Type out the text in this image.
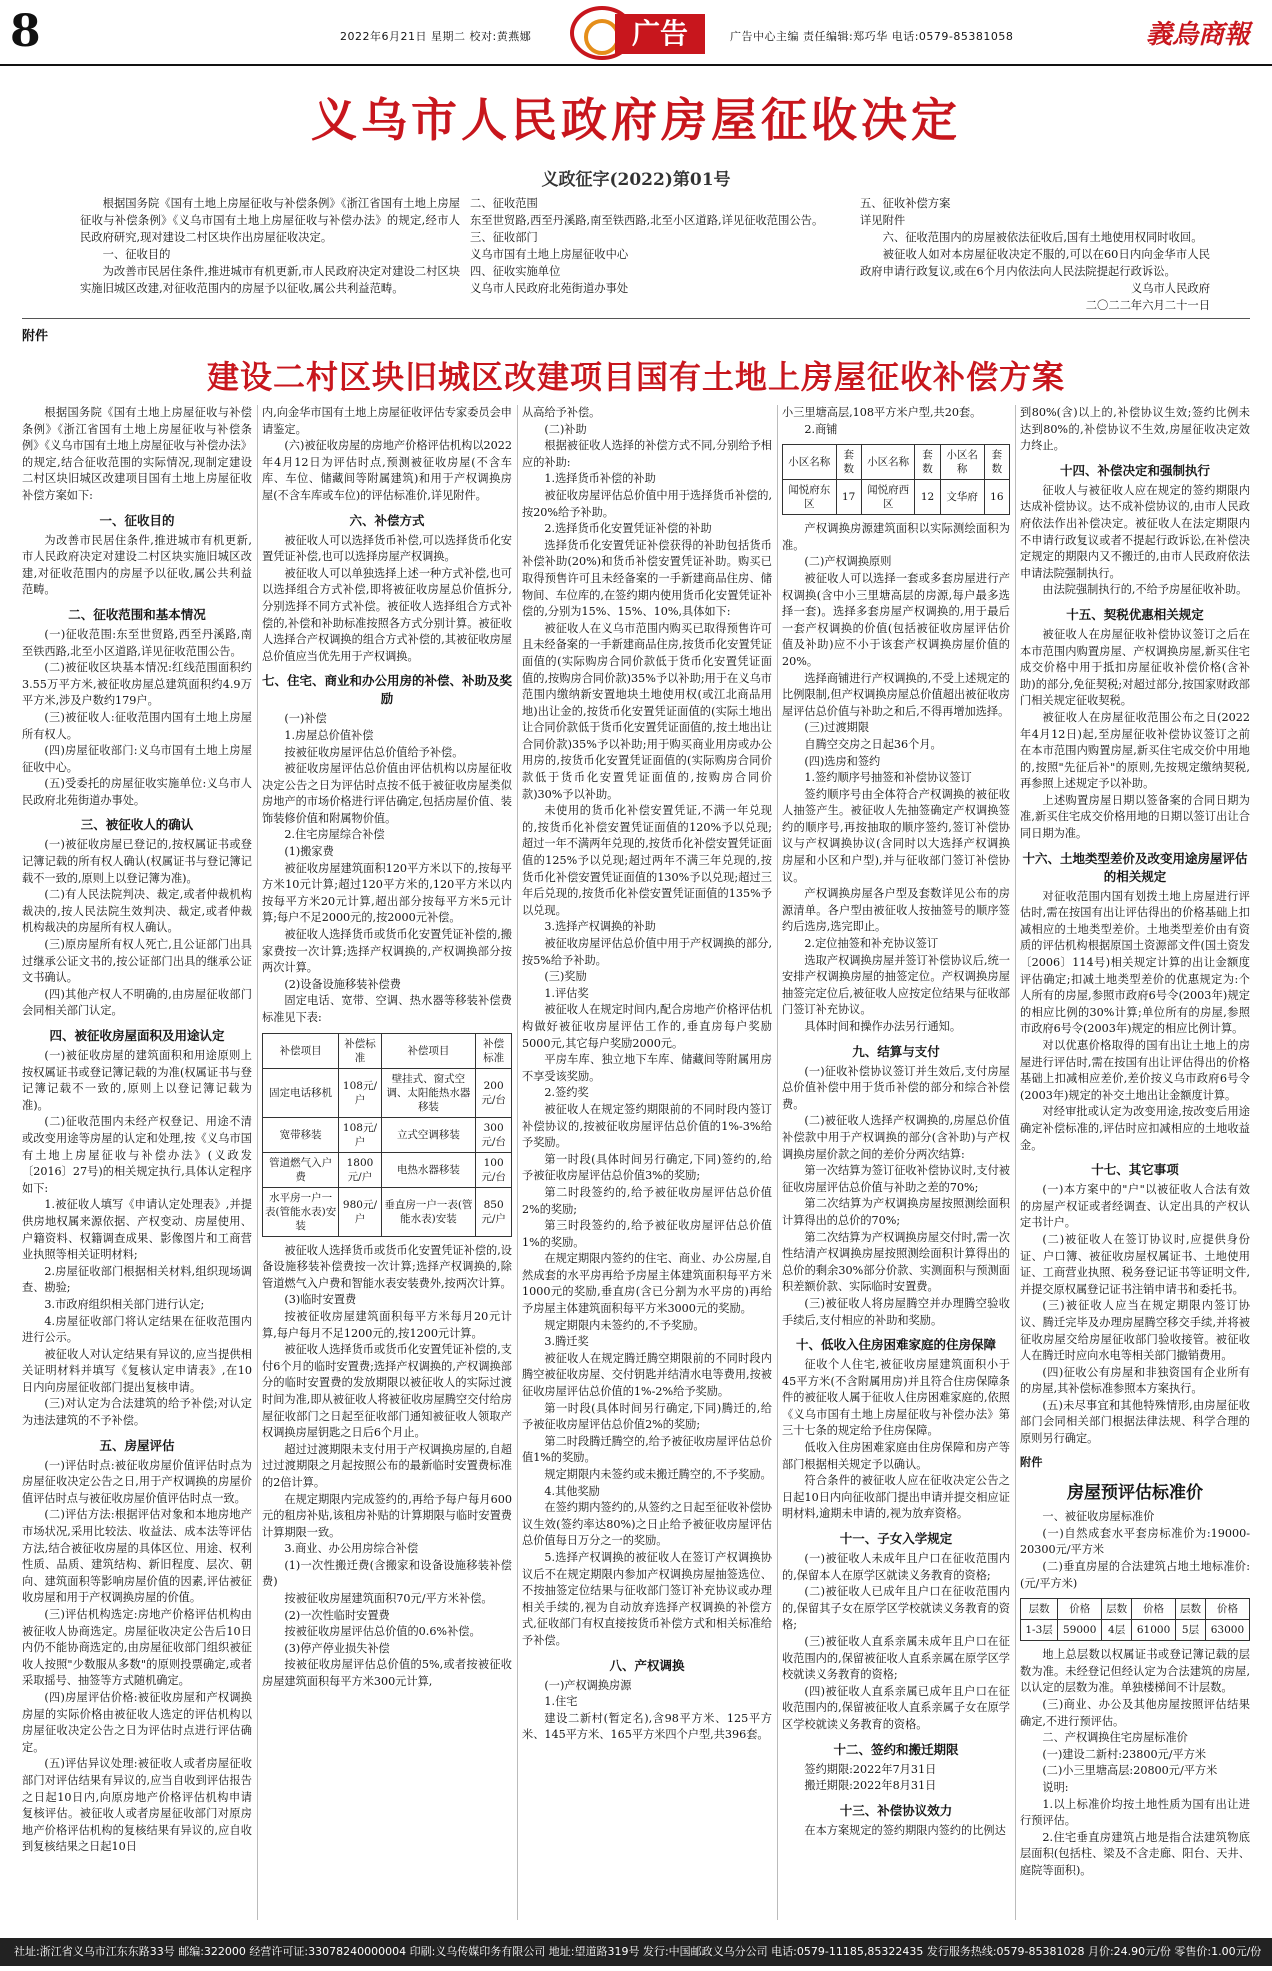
8	2022年6月21日 星期二 校对:黄燕娜	广告	广告中心主编 责任编辑:郑巧华 电话:0579-85381058	義烏商報
义乌市人民政府房屋征收决定
义政征字(2022)第01号

根据国务院《国有土地上房屋征收与补偿条例》《浙江省国有土地上房屋征收与补偿条例》《义乌市国有土地上房屋征收与补偿办法》的规定,经市人民政府研究,现对建设二村区块作出房屋征收决定。

一、征收目的

为改善市民居住条件,推进城市有机更新,市人民政府决定对建设二村区块实施旧城区改建,对征收范围内的房屋予以征收,属公共利益范畴。

二、征收范围

东至世贸路,西至丹溪路,南至铁西路,北至小区道路,详见征收范围公告。

三、征收部门

义乌市国有土地上房屋征收中心

四、征收实施单位

义乌市人民政府北苑街道办事处

五、征收补偿方案

详见附件

六、征收范围内的房屋被依法征收后,国有土地使用权同时收回。

被征收人如对本房屋征收决定不服的,可以在60日内向金华市人民政府申请行政复议,或在6个月内依法向人民法院提起行政诉讼。

义乌市人民政府

二〇二二年六月二十一日

附件
建设二村区块旧城区改建项目国有土地上房屋征收补偿方案

根据国务院《国有土地上房屋征收与补偿条例》《浙江省国有土地上房屋征收与补偿条例》《义乌市国有土地上房屋征收与补偿办法》的规定,结合征收范围的实际情况,现制定建设二村区块旧城区改建项目国有土地上房屋征收补偿方案如下:

一、征收目的

为改善市民居住条件,推进城市有机更新,市人民政府决定对建设二村区块实施旧城区改建,对征收范围内的房屋予以征收,属公共利益范畴。

二、征收范围和基本情况

(一)征收范围:东至世贸路,西至丹溪路,南至铁西路,北至小区道路,详见征收范围公告。

(二)被征收区块基本情况:红线范围面积约3.55万平方米,被征收房屋总建筑面积约4.9万平方米,涉及户数约179户。

(三)被征收人:征收范围内国有土地上房屋所有权人。

(四)房屋征收部门:义乌市国有土地上房屋征收中心。

(五)受委托的房屋征收实施单位:义乌市人民政府北苑街道办事处。

三、被征收人的确认

(一)被征收房屋已登记的,按权属证书或登记簿记载的所有权人确认(权属证书与登记簿记载不一致的,原则上以登记簿为准)。

(二)有人民法院判决、裁定,或者仲裁机构裁决的,按人民法院生效判决、裁定,或者仲裁机构裁决的房屋所有权人确认。

(三)原房屋所有权人死亡,且公证部门出具过继承公证文书的,按公证部门出具的继承公证文书确认。

(四)其他产权人不明确的,由房屋征收部门会同相关部门认定。

四、被征收房屋面积及用途认定

(一)被征收房屋的建筑面积和用途原则上按权属证书或登记簿记载的为准(权属证书与登记簿记载不一致的,原则上以登记簿记载为准)。

(二)征收范围内未经产权登记、用途不清或改变用途等房屋的认定和处理,按《义乌市国有土地上房屋征收与补偿办法》(义政发〔2016〕27号)的相关规定执行,具体认定程序如下:

1.被征收人填写《申请认定处理表》,并提供房地权属来源依据、产权变动、房屋使用、户籍资料、权籍调查成果、影像图片和工商营业执照等相关证明材料;

2.房屋征收部门根据相关材料,组织现场调查、勘验;

3.市政府组织相关部门进行认定;

4.房屋征收部门将认定结果在征收范围内进行公示。

被征收人对认定结果有异议的,应当提供相关证明材料并填写《复核认定申请表》,在10日内向房屋征收部门提出复核申请。

(三)对认定为合法建筑的给予补偿;对认定为违法建筑的不予补偿。

五、房屋评估

(一)评估时点:被征收房屋价值评估时点为房屋征收决定公告之日,用于产权调换的房屋价值评估时点与被征收房屋价值评估时点一致。

(二)评估方法:根据评估对象和本地房地产市场状况,采用比较法、收益法、成本法等评估方法,结合被征收房屋的具体区位、用途、权利性质、品质、建筑结构、新旧程度、层次、朝向、建筑面积等影响房屋价值的因素,评估被征收房屋和用于产权调换房屋的价值。

(三)评估机构选定:房地产价格评估机构由被征收人协商选定。房屋征收决定公告后10日内仍不能协商选定的,由房屋征收部门组织被征收人按照"少数服从多数"的原则投票确定,或者采取摇号、抽签等方式随机确定。

(四)房屋评估价格:被征收房屋和产权调换房屋的实际价格由被征收人选定的评估机构以房屋征收决定公告之日为评估时点进行评估确定。

(五)评估异议处理:被征收人或者房屋征收部门对评估结果有异议的,应当自收到评估报告之日起10日内,向原房地产价格评估机构申请复核评估。被征收人或者房屋征收部门对原房地产价格评估机构的复核结果有异议的,应自收到复核结果之日起10日

内,向金华市国有土地上房屋征收评估专家委员会申请鉴定。

(六)被征收房屋的房地产价格评估机构以2022年4月12日为评估时点,预测被征收房屋(不含车库、车位、储藏间等附属建筑)和用于产权调换房屋(不含车库或车位)的评估标准价,详见附件。

六、补偿方式

被征收人可以选择货币补偿,可以选择货币化安置凭证补偿,也可以选择房屋产权调换。

被征收人可以单独选择上述一种方式补偿,也可以选择组合方式补偿,即将被征收房屋总价值拆分,分别选择不同方式补偿。被征收人选择组合方式补偿的,补偿和补助标准按照各方式分别计算。被征收人选择合产权调换的组合方式补偿的,其被征收房屋总价值应当优先用于产权调换。

七、住宅、商业和办公用房的补偿、补助及奖励

(一)补偿

1.房屋总价值补偿

按被征收房屋评估总价值给予补偿。

被征收房屋评估总价值由评估机构以房屋征收决定公告之日为评估时点按不低于被征收房屋类似房地产的市场价格进行评估确定,包括房屋价值、装饰装修价值和附属物价值。

2.住宅房屋综合补偿

(1)搬家费

被征收房屋建筑面积120平方米以下的,按每平方米10元计算;超过120平方米的,120平方米以内按每平方米20元计算,超出部分按每平方米5元计算;每户不足2000元的,按2000元补偿。

被征收人选择货币或货币化安置凭证补偿的,搬家费按一次计算;选择产权调换的,产权调换部分按两次计算。

(2)设备设施移装补偿费

固定电话、宽带、空调、热水器等移装补偿费标准见下表:

补偿项目	补偿标准	补偿项目	补偿标准
固定电话移机	108元/户	壁挂式、窗式空调、太阳能热水器移装	200元/台
宽带移装	108元/户	立式空调移装	300元/台
管道燃气入户费	1800元/户	电热水器移装	100元/台
水平房一户一表(管能水表)安装	980元/户	垂直房一户一表(管能水表)安装	850元/户

被征收人选择货币或货币化安置凭证补偿的,设备设施移装补偿费按一次计算;选择产权调换的,除管道燃气入户费和智能水表安装费外,按两次计算。

(3)临时安置费

按被征收房屋建筑面积每平方米每月20元计算,每户每月不足1200元的,按1200元计算。

被征收人选择货币或货币化安置凭证补偿的,支付6个月的临时安置费;选择产权调换的,产权调换部分的临时安置费的发放期限以被征收人的实际过渡时间为准,即从被征收人将被征收房屋腾空交付给房屋征收部门之日起至征收部门通知被征收人领取产权调换房屋钥匙之日后6个月止。

超过过渡期限未支付用于产权调换房屋的,自超过过渡期限之月起按照公布的最新临时安置费标准的2倍计算。

在规定期限内完成签约的,再给予每户每月600元的租房补贴,该租房补贴的计算期限与临时安置费计算期限一致。

3.商业、办公用房综合补偿

(1)一次性搬迁费(含搬家和设备设施移装补偿费)

按被征收房屋建筑面积70元/平方米补偿。

(2)一次性临时安置费

按被征收房屋评估总价值的0.6%补偿。

(3)停产停业损失补偿

按被征收房屋评估总价值的5%,或者按被征收房屋建筑面积每平方米300元计算,

从高给予补偿。

(二)补助

根据被征收人选择的补偿方式不同,分别给予相应的补助:

1.选择货币补偿的补助

被征收房屋评估总价值中用于选择货币补偿的,按20%给予补助。

2.选择货币化安置凭证补偿的补助

选择货币化安置凭证补偿获得的补助包括货币补偿补助(20%)和货币补偿安置凭证补助。购买已取得预售许可且未经备案的一手新建商品住房、储物间、车位库的,在签约期内使用货币化安置凭证补偿的,分别为15%、15%、10%,具体如下:

被征收人在义乌市范围内购买已取得预售许可且未经备案的一手新建商品住房,按货币化安置凭证面值的(实际购房合同价款低于货币化安置凭证面值的,按购房合同价款)35%予以补助;用于在义乌市范围内缴纳新安置地块土地使用权(或江北商品用地)出让金的,按货币化安置凭证面值的(实际土地出让合同价款低于货币化安置凭证面值的,按土地出让合同价款)35%予以补助;用于购买商业用房或办公用房的,按货币化安置凭证面值的(实际购房合同价款低于货币化安置凭证面值的,按购房合同价款)30%予以补助。

未使用的货币化补偿安置凭证,不满一年兑现的,按货币化补偿安置凭证面值的120%予以兑现;超过一年不满两年兑现的,按货币化补偿安置凭证面值的125%予以兑现;超过两年不满三年兑现的,按货币化补偿安置凭证面值的130%予以兑现;超过三年后兑现的,按货币化补偿安置凭证面值的135%予以兑现。

3.选择产权调换的补助

被征收房屋评估总价值中用于产权调换的部分,按5%给予补助。

(三)奖励

1.评估奖

被征收人在规定时间内,配合房地产价格评估机构做好被征收房屋评估工作的,垂直房每户奖励5000元,其它每户奖励2000元。

平房车库、独立地下车库、储藏间等附属用房不享受该奖励。

2.签约奖

被征收人在规定签约期限前的不同时段内签订补偿协议的,按被征收房屋评估总价值的1%-3%给予奖励。

第一时段(具体时间另行确定,下同)签约的,给予被征收房屋评估总价值3%的奖励;

第二时段签约的,给予被征收房屋评估总价值2%的奖励;

第三时段签约的,给予被征收房屋评估总价值1%的奖励。

在规定期限内签约的住宅、商业、办公房屋,自然成套的水平房再给予房屋主体建筑面积每平方米1000元的奖励,垂直房(含已分割为水平房的)再给予房屋主体建筑面积每平方米3000元的奖励。

规定期限内未签约的,不予奖励。

3.腾迁奖

被征收人在规定腾迁腾空期限前的不同时段内腾空被征收房屋、交付钥匙并结清水电等费用,按被征收房屋评估总价值的1%-2%给予奖励。

第一时段(具体时间另行确定,下同)腾迁的,给予被征收房屋评估总价值2%的奖励;

第二时段腾迁腾空的,给予被征收房屋评估总价值1%的奖励。

规定期限内未签约或未搬迁腾空的,不予奖励。

4.其他奖励

在签约期内签约的,从签约之日起至征收补偿协议生效(签约率达80%)之日止给予被征收房屋评估总价值每日万分之一的奖励。

5.选择产权调换的被征收人在签订产权调换协议后不在规定期限内参加产权调换房屋抽签选位、不按抽签定位结果与征收部门签订补充协议或办理相关手续的,视为自动放弃选择产权调换的补偿方式,征收部门有权直接按货币补偿方式和相关标准给予补偿。

八、产权调换

(一)产权调换房源

1.住宅

建设二新村(暂定名),含98平方米、125平方米、145平方米、165平方米四个户型,共396套。

小三里塘高层,108平方米户型,共20套。

2.商铺

小区名称	套数	小区名称	套数	小区名称	套数
闻悦府东区	17	闻悦府西区	12	文华府	16

产权调换房源建筑面积以实际测绘面积为准。

(二)产权调换原则

被征收人可以选择一套或多套房屋进行产权调换(含中小三里塘高层的房源,每户最多选择一套)。选择多套房屋产权调换的,用于最后一套产权调换的价值(包括被征收房屋评估价值及补助)应不小于该套产权调换房屋价值的20%。

选择商铺进行产权调换的,不受上述规定的比例限制,但产权调换房屋总价值超出被征收房屋评估总价值与补助之和后,不得再增加选择。

(三)过渡期限

自腾空交房之日起36个月。

(四)选房和签约

1.签约顺序号抽签和补偿协议签订

签约顺序号由全体符合产权调换的被征收人抽签产生。被征收人先抽签确定产权调换签约的顺序号,再按抽取的顺序签约,签订补偿协议与产权调换协议(含同时以大选择产权调换房屋和小区和户型),并与征收部门签订补偿协议。

产权调换房屋各户型及套数详见公布的房源清单。各户型由被征收人按抽签号的顺序签约后选房,选完即止。

2.定位抽签和补充协议签订

选取产权调换房屋并签订补偿协议后,统一安排产权调换房屋的抽签定位。产权调换房屋抽签完定位后,被征收人应按定位结果与征收部门签订补充协议。

具体时间和操作办法另行通知。

九、结算与支付

(一)征收补偿协议签订并生效后,支付房屋总价值补偿中用于货币补偿的部分和综合补偿费。

(二)被征收人选择产权调换的,房屋总价值补偿款中用于产权调换的部分(含补助)与产权调换房屋价款之间的差价分两次结算:

第一次结算为签订征收补偿协议时,支付被征收房屋评估总价值与补助之差的70%;

第二次结算为产权调换房屋按照测绘面积计算得出的总价的70%;

第二次结算为产权调换房屋交付时,需一次性结清产权调换房屋按照测绘面积计算得出的总价的剩余30%部分价款、实测面积与预测面积差额价款、实际临时安置费。

(三)被征收人将房屋腾空并办理腾空验收手续后,支付相应的补助和奖励。

十、低收入住房困难家庭的住房保障

征收个人住宅,被征收房屋建筑面积小于45平方米(不含附属用房)并且符合住房保障条件的被征收人属于征收人住房困难家庭的,依照《义乌市国有土地上房屋征收与补偿办法》第三十七条的规定给予住房保障。

低收入住房困难家庭由住房保障和房产等部门根据相关规定予以确认。

符合条件的被征收人应在征收决定公告之日起10日内向征收部门提出申请并提交相应证明材料,逾期未申请的,视为放弃资格。

十一、子女入学规定

(一)被征收人未成年且户口在征收范围内的,保留本人在原学区就读义务教育的资格;

(二)被征收人已成年且户口在征收范围内的,保留其子女在原学区学校就读义务教育的资格;

(三)被征收人直系亲属未成年且户口在征收范围内的,保留被征收人直系亲属在原学区学校就读义务教育的资格;

(四)被征收人直系亲属已成年且户口在征收范围内的,保留被征收人直系亲属子女在原学区学校就读义务教育的资格。

十二、签约和搬迁期限

签约期限:2022年7月31日

搬迁期限:2022年8月31日

十三、补偿协议效力

在本方案规定的签约期限内签约的比例达

到80%(含)以上的,补偿协议生效;签约比例未达到80%的,补偿协议不生效,房屋征收决定效力终止。

十四、补偿决定和强制执行

征收人与被征收人应在规定的签约期限内达成补偿协议。达不成补偿协议的,由市人民政府依法作出补偿决定。被征收人在法定期限内不申请行政复议或者不提起行政诉讼,在补偿决定规定的期限内又不搬迁的,由市人民政府依法申请法院强制执行。

由法院强制执行的,不给予房屋征收补助。

十五、契税优惠相关规定

被征收人在房屋征收补偿协议签订之后在本市范围内购置房屋、产权调换房屋,新买住宅成交价格中用于抵扣房屋征收补偿价格(含补助)的部分,免征契税;对超过部分,按国家财政部门相关规定征收契税。

被征收人在房屋征收范围公布之日(2022年4月12日)起,至房屋征收补偿协议签订之前在本市范围内购置房屋,新买住宅成交价中用地的,按照"先征后补"的原则,先按规定缴纳契税,再参照上述规定予以补助。

上述购置房屋日期以签备案的合同日期为准,新买住宅成交价格用地的日期以签订出让合同日期为准。

十六、土地类型差价及改变用途房屋评估的相关规定

对征收范围内国有划拨土地上房屋进行评估时,需在按国有出让评估得出的价格基础上扣减相应的土地类型差价。土地类型差价由有资质的评估机构根据原国土资源部文件(国土资发〔2006〕114号)相关规定计算的出让金额度评估确定;扣减土地类型差价的优惠规定为:个人所有的房屋,参照市政府6号令(2003年)规定的相应比例的30%计算;单位所有的房屋,参照市政府6号令(2003年)规定的相应比例计算。

对以优惠价格取得的国有出让土地上的房屋进行评估时,需在按国有出让评估得出的价格基础上扣减相应差价,差价按义乌市政府6号令(2003年)规定的补交土地出让金额度计算。

对经审批或认定为改变用途,按改变后用途确定补偿标准的,评估时应扣减相应的土地收益金。

十七、其它事项

(一)本方案中的"户"以被征收人合法有效的房屋产权证或者经调查、认定出具的产权认定书计户。

(二)被征收人在签订协议时,应提供身份证、户口簿、被征收房屋权属证书、土地使用证、工商营业执照、税务登记证书等证明文件,并提交原权属登记证书注销申请书和委托书。

(三)被征收人应当在规定期限内签订协议、腾迁完毕及办理房屋腾空移交手续,并将被征收房屋交给房屋征收部门验收接管。被征收人在腾迁时应向水电等相关部门撤销费用。

(四)征收公有房屋和非独资国有企业所有的房屋,其补偿标准参照本方案执行。

(五)未尽事宜和其他特殊情形,由房屋征收部门会同相关部门根据法律法规、科学合理的原则另行确定。

附件

房屋预评估标准价

一、被征收房屋标准价

(一)自然成套水平套房标准价为:19000-20300元/平方米

(二)垂直房屋的合法建筑占地土地标准价:(元/平方米)

层数	价格	层数	价格	层数	价格
1-3层	59000	4层	61000	5层	63000

地上总层数以权属证书或登记簿记载的层数为准。未经登记但经认定为合法建筑的房屋,以认定的层数为准。单独楼梯间不计层数。

(三)商业、办公及其他房屋按照评估结果确定,不进行预评估。

二、产权调换住宅房屋标准价

(一)建设二新村:23800元/平方米

(二)小三里塘高层:20800元/平方米

说明:

1.以上标准价均按土地性质为国有出让进行预评估。

2.住宅垂直房建筑占地是指合法建筑物底层面积(包括柱、梁及不含走廊、阳台、天井、庭院等面积)。

社址:浙江省义乌市江东东路33号 邮编:322000 经营许可证:33078240000004 印刷:义乌传媒印务有限公司 地址:望道路319号 发行:中国邮政义乌分公司 电话:0579-11185,85322435 发行服务热线:0579-85381028 月价:24.90元/份 零售价:1.00元/份
